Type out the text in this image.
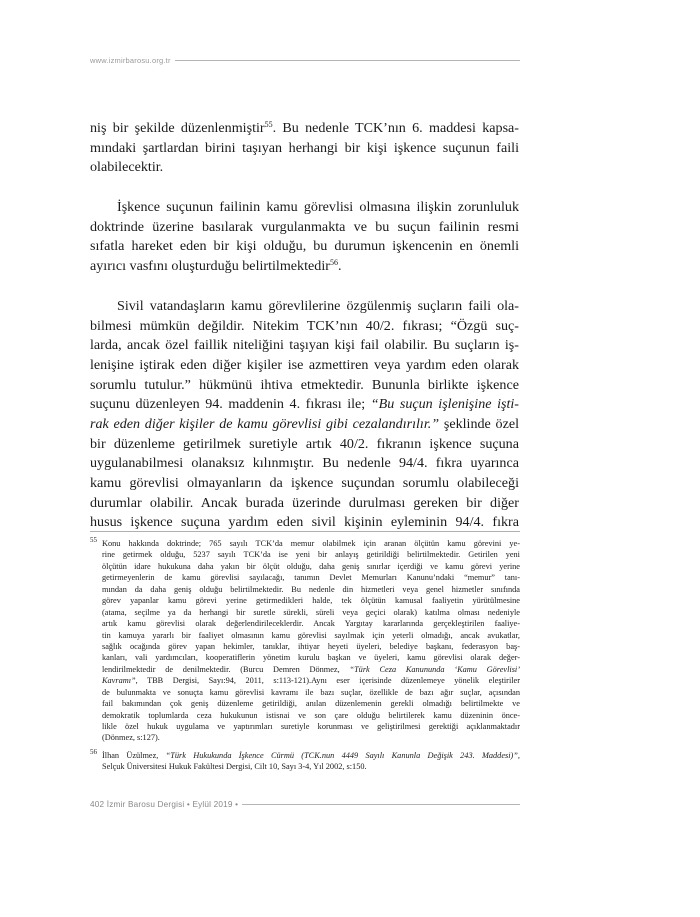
www.izmirbarosu.org.tr
niş bir şekilde düzenlenmiştir$^{55}$. Bu nedenle TCK’nın 6. maddesi kapsa-
mındaki şartlardan birini taşıyan herhangi bir kişi işkence suçunun faili
olabilecektir.
İşkence suçunun failinin kamu görevlisi olmasına ilişkin zorunluluk
doktrinde üzerine basılarak vurgulanmakta ve bu suçun failinin resmi
sıfatla hareket eden bir kişi olduğu, bu durumun işkencenin en önemli
ayırıcı vasfını oluşturduğu belirtilmektedir$^{56}$.
Sivil vatandaşların kamu görevlilerine özgülenmiş suçların faili ola-
bilmesi mümkün değildir. Nitekim TCK’nın 40/2. fıkrası; “Özgü suç-
larda, ancak özel faillik niteliğini taşıyan kişi fail olabilir. Bu suçların iş-
lenişine iştirak eden diğer kişiler ise azmettiren veya yardım eden olarak
sorumlu tutulur.” hükmünü ihtiva etmektedir. Bununla birlikte işkence
suçunu düzenleyen 94. maddenin 4. fıkrası ile; “Bu suçun işlenişine işti-
rak eden diğer kişiler de kamu görevlisi gibi cezalandırılır.” şeklinde özel
bir düzenleme getirilmek suretiyle artık 40/2. fıkranın işkence suçuna
uygulanabilmesi olanaksız kılınmıştır. Bu nedenle 94/4. fıkra uyarınca
kamu görevlisi olmayanların da işkence suçundan sorumlu olabileceği
durumlar olabilir. Ancak burada üzerinde durulması gereken bir diğer
husus işkence suçuna yardım eden sivil kişinin eyleminin 94/4. fıkra
55 Konu hakkında doktrinde; 765 sayılı TCK’da memur olabilmek için aranan ölçütün kamu görevini ye-
rine getirmek olduğu, 5237 sayılı TCK’da ise yeni bir anlayış getirildiği belirtilmektedir. Getirilen yeni
ölçütün idare hukukuna daha yakın bir ölçüt olduğu, daha geniş sınırlar içerdiği ve kamu görevi yerine
getirmeyenlerin de kamu görevlisi sayılacağı, tanımın Devlet Memurları Kanunu’ndaki “memur” tanı-
mından da daha geniş olduğu belirtilmektedir. Bu nedenle din hizmetleri veya genel hizmetler sınıfında
görev yapanlar kamu görevi yerine getirmedikleri halde, tek ölçütün kamusal faaliyetin yürütülmesine
(atama, seçilme ya da herhangi bir suretle sürekli, süreli veya geçici olarak) katılma olması nedeniyle
artık kamu görevlisi olarak değerlendirileceklerdir. Ancak Yargıtay kararlarında gerçekleştirilen faaliye-
tin kamuya yararlı bir faaliyet olmasının kamu görevlisi sayılmak için yeterli olmadığı, ancak avukatlar,
sağlık ocağında görev yapan hekimler, tanıklar, ihtiyar heyeti üyeleri, belediye başkanı, federasyon baş-
kanları, vali yardımcıları, kooperatiflerin yönetim kurulu başkan ve üyeleri, kamu görevlisi olarak değer-
lendirilmektedir de denilmektedir. (Burcu Demren Dönmez, “Türk Ceza Kanununda ‘Kamu Görevlisi’
Kavramı”, TBB Dergisi, Sayı:94, 2011, s:113-121).Aynı eser içerisinde düzenlemeye yönelik eleştiriler
de bulunmakta ve sonuçta kamu görevlisi kavramı ile bazı suçlar, özellikle de bazı ağır suçlar, açısından
fail bakımından çok geniş düzenleme getirildiği, anılan düzenlemenin gerekli olmadığı belirtilmekte ve
demokratik toplumlarda ceza hukukunun istisnai ve son çare olduğu belirtilerek kamu düzeninin önce-
likle özel hukuk uygulama ve yaptırımları suretiyle korunması ve geliştirilmesi gerektiği açıklanmaktadır
(Dönmez, s:127).
56 İlhan Üzülmez, “Türk Hukukunda İşkence Cürmü (TCK.nun 4449 Sayılı Kanunla Değişik 243. Maddesi)”,
Selçuk Üniversitesi Hukuk Fakültesi Dergisi, Cilt 10, Sayı 3-4, Yıl 2002, s:150.
402 İzmir Barosu Dergisi • Eylül 2019 •
